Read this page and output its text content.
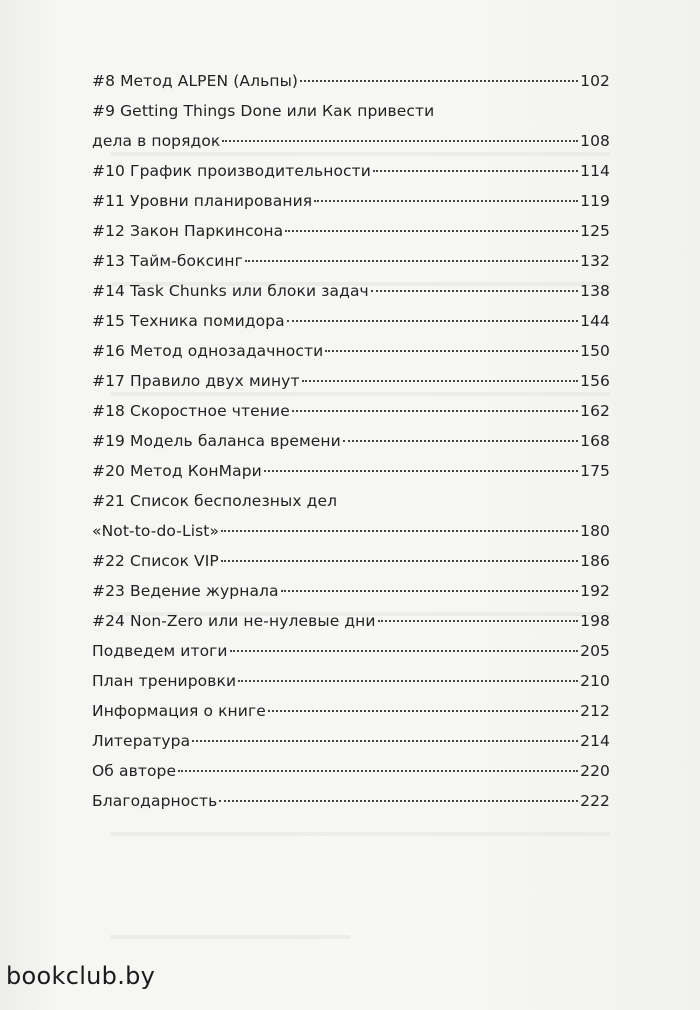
#8 Метод ALPEN (Альпы)	102
#9 Getting Things Done или Как привести
дела в порядок	108
#10 График производительности	114
#11 Уровни планирования	119
#12 Закон Паркинсона	125
#13 Тайм-боксинг	132
#14 Task Chunks или блоки задач	138
#15 Техника помидора	144
#16 Метод однозадачности	150
#17 Правило двух минут	156
#18 Скоростное чтение	162
#19 Модель баланса времени	168
#20 Метод КонМари	175
#21 Список бесполезных дел
«Not-to-do-List»	180
#22 Список VIP	186
#23 Ведение журнала	192
#24 Non-Zero или не-нулевые дни	198
Подведем итоги	205
План тренировки	210
Информация о книге	212
Литература	214
Об авторе	220
Благодарность	222
bookclub.by
